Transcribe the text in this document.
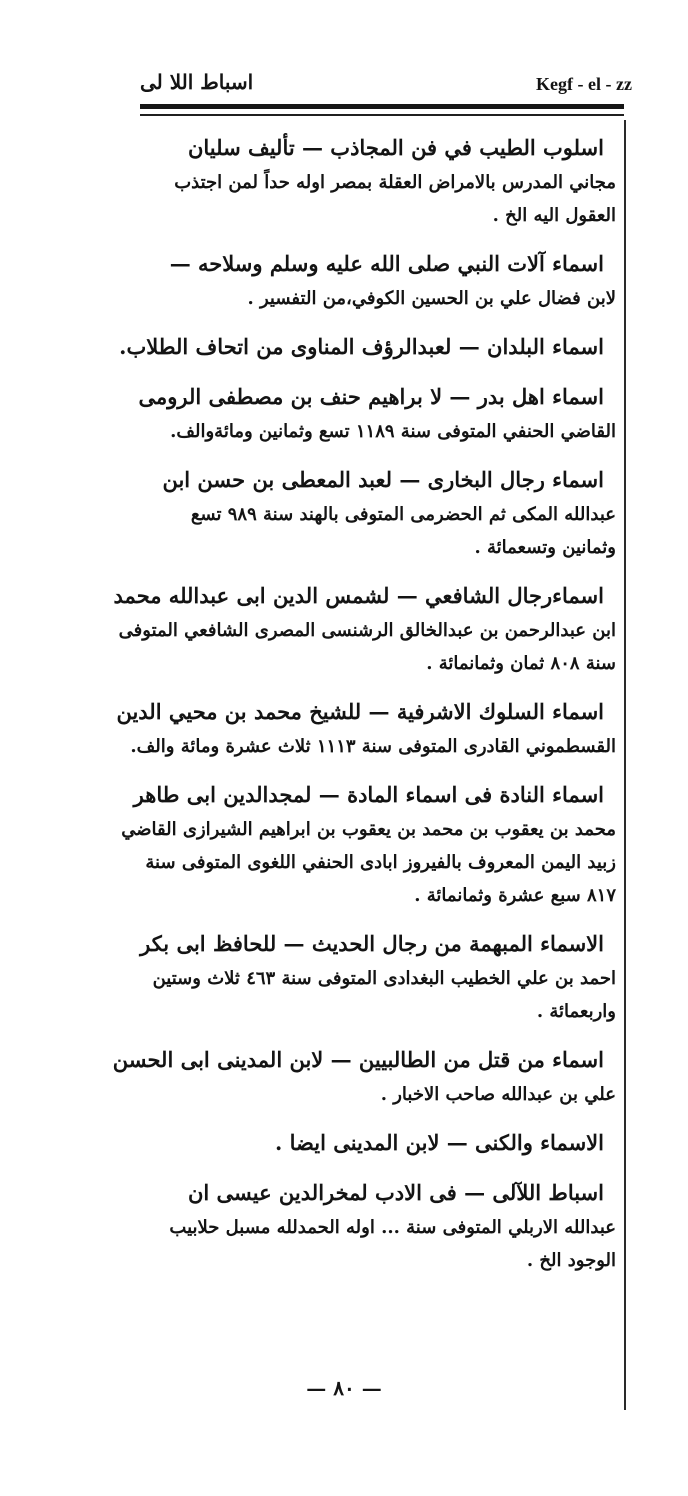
اسباط اللا لى	Kegf - el - zz
اسلوب الطيب في فن المجاذب — تأليف سليان
مجاني المدرس بالامراض العقلة بمصر اوله حداً لمن اجتذب
العقول اليه الخ .
اسماء آلات النبي صلى الله عليه وسلم وسلاحه —
لابن فضال علي بن الحسين الكوفي،من التفسير .
اسماء البلدان — لعبدالرؤف المناوى من اتحاف الطلاب.
اسماء اهل بدر — لا براهيم حنف بن مصطفى الرومى
القاضي الحنفي المتوفى سنة ١١٨٩ تسع وثمانين ومائةوالف.
اسماء رجال البخارى — لعبد المعطى بن حسن ابن
عبدالله المكى ثم الحضرمى المتوفى بالهند سنة ٩٨٩ تسع
وثمانين وتسعمائة .
اسماءرجال الشافعي — لشمس الدين ابى عبدالله محمد
ابن عبدالرحمن بن عبدالخالق الرشنسى المصرى الشافعي المتوفى
سنة ٨٠٨ ثمان وثمانمائة .
اسماء السلوك الاشرفية — للشيخ محمد بن محيي الدين
القسطموني القادرى المتوفى سنة ١١١٣ ثلاث عشرة ومائة والف.
اسماء النادة فى اسماء المادة — لمجدالدين ابى طاهر
محمد بن يعقوب بن محمد بن يعقوب بن ابراهيم الشيرازى القاضي
زبيد اليمن المعروف بالفيروز ابادى الحنفي اللغوى المتوفى سنة
٨١٧ سبع عشرة وثمانمائة .
الاسماء المبهمة من رجال الحديث — للحافظ ابى بكر
احمد بن علي الخطيب البغدادى المتوفى سنة ٤٦٣ ثلاث وستين
واربعمائة .
اسماء من قتل من الطالبيين — لابن المدينى ابى الحسن
علي بن عبدالله صاحب الاخبار .
الاسماء والكنى — لابن المدينى ايضا .
اسباط اللآلى — فى الادب لمخرالدين عيسى ان
عبدالله الاربلي المتوفى سنة ... اوله الحمدلله مسبل حلابيب
الوجود الخ .
— ٨٠ —
